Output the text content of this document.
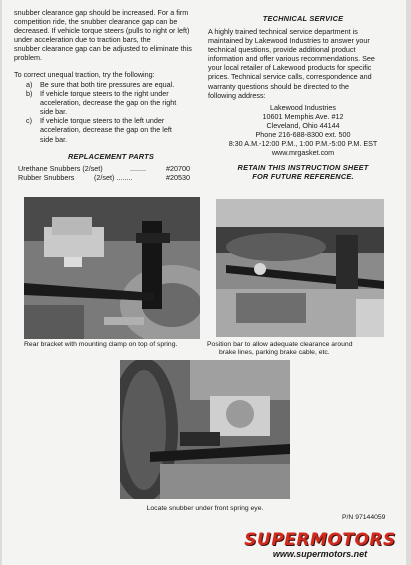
snubber clearance gap should be increased. For a firm
competition ride, the snubber clearance gap can be
decreased. If vehicle torque steers (pulls to right or left)
under acceleration due to traction bars, the
snubber clearance gap can be adjusted to eliminate this
problem.
To correct unequal traction, try the following:
a)	Be sure that both tire pressures are equal.
b)	If vehicle torque steers to the right under
acceleration, decrease the gap on the right
side bar.
c)	If vehicle torque steers to the left under
acceleration, decrease the gap on the left
side bar.
REPLACEMENT PARTS
Urethane Snubbers (2/set)	........	#20700
Rubber Snubbers	(2/set) ........	#20530
TECHNICAL SERVICE
A highly trained technical service department is
maintained by Lakewood Industries to answer your
technical questions, provide additional product
information and offer various recommendations. See
your local retailer of Lakewood products for specific
prices. Technical service calls, correspondence and
warranty questions should be directed to the
following address:
Lakewood Industries
10601 Memphis Ave. #12
Cleveland, Ohio 44144
Phone 216-688-8300 ext. 500
8:30 A.M.-12:00 P.M., 1:00 P.M.-5:00 P.M. EST
www.mrgasket.com
RETAIN THIS INSTRUCTION SHEET
FOR FUTURE REFERENCE.
Rear bracket with mounting clamp on top of spring.	Position bar to allow adequate clearance around
brake lines, parking brake cable, etc.
Locate snubber under front spring eye.
P/N 97144059
SUPERMOTORS
www.supermotors.net
